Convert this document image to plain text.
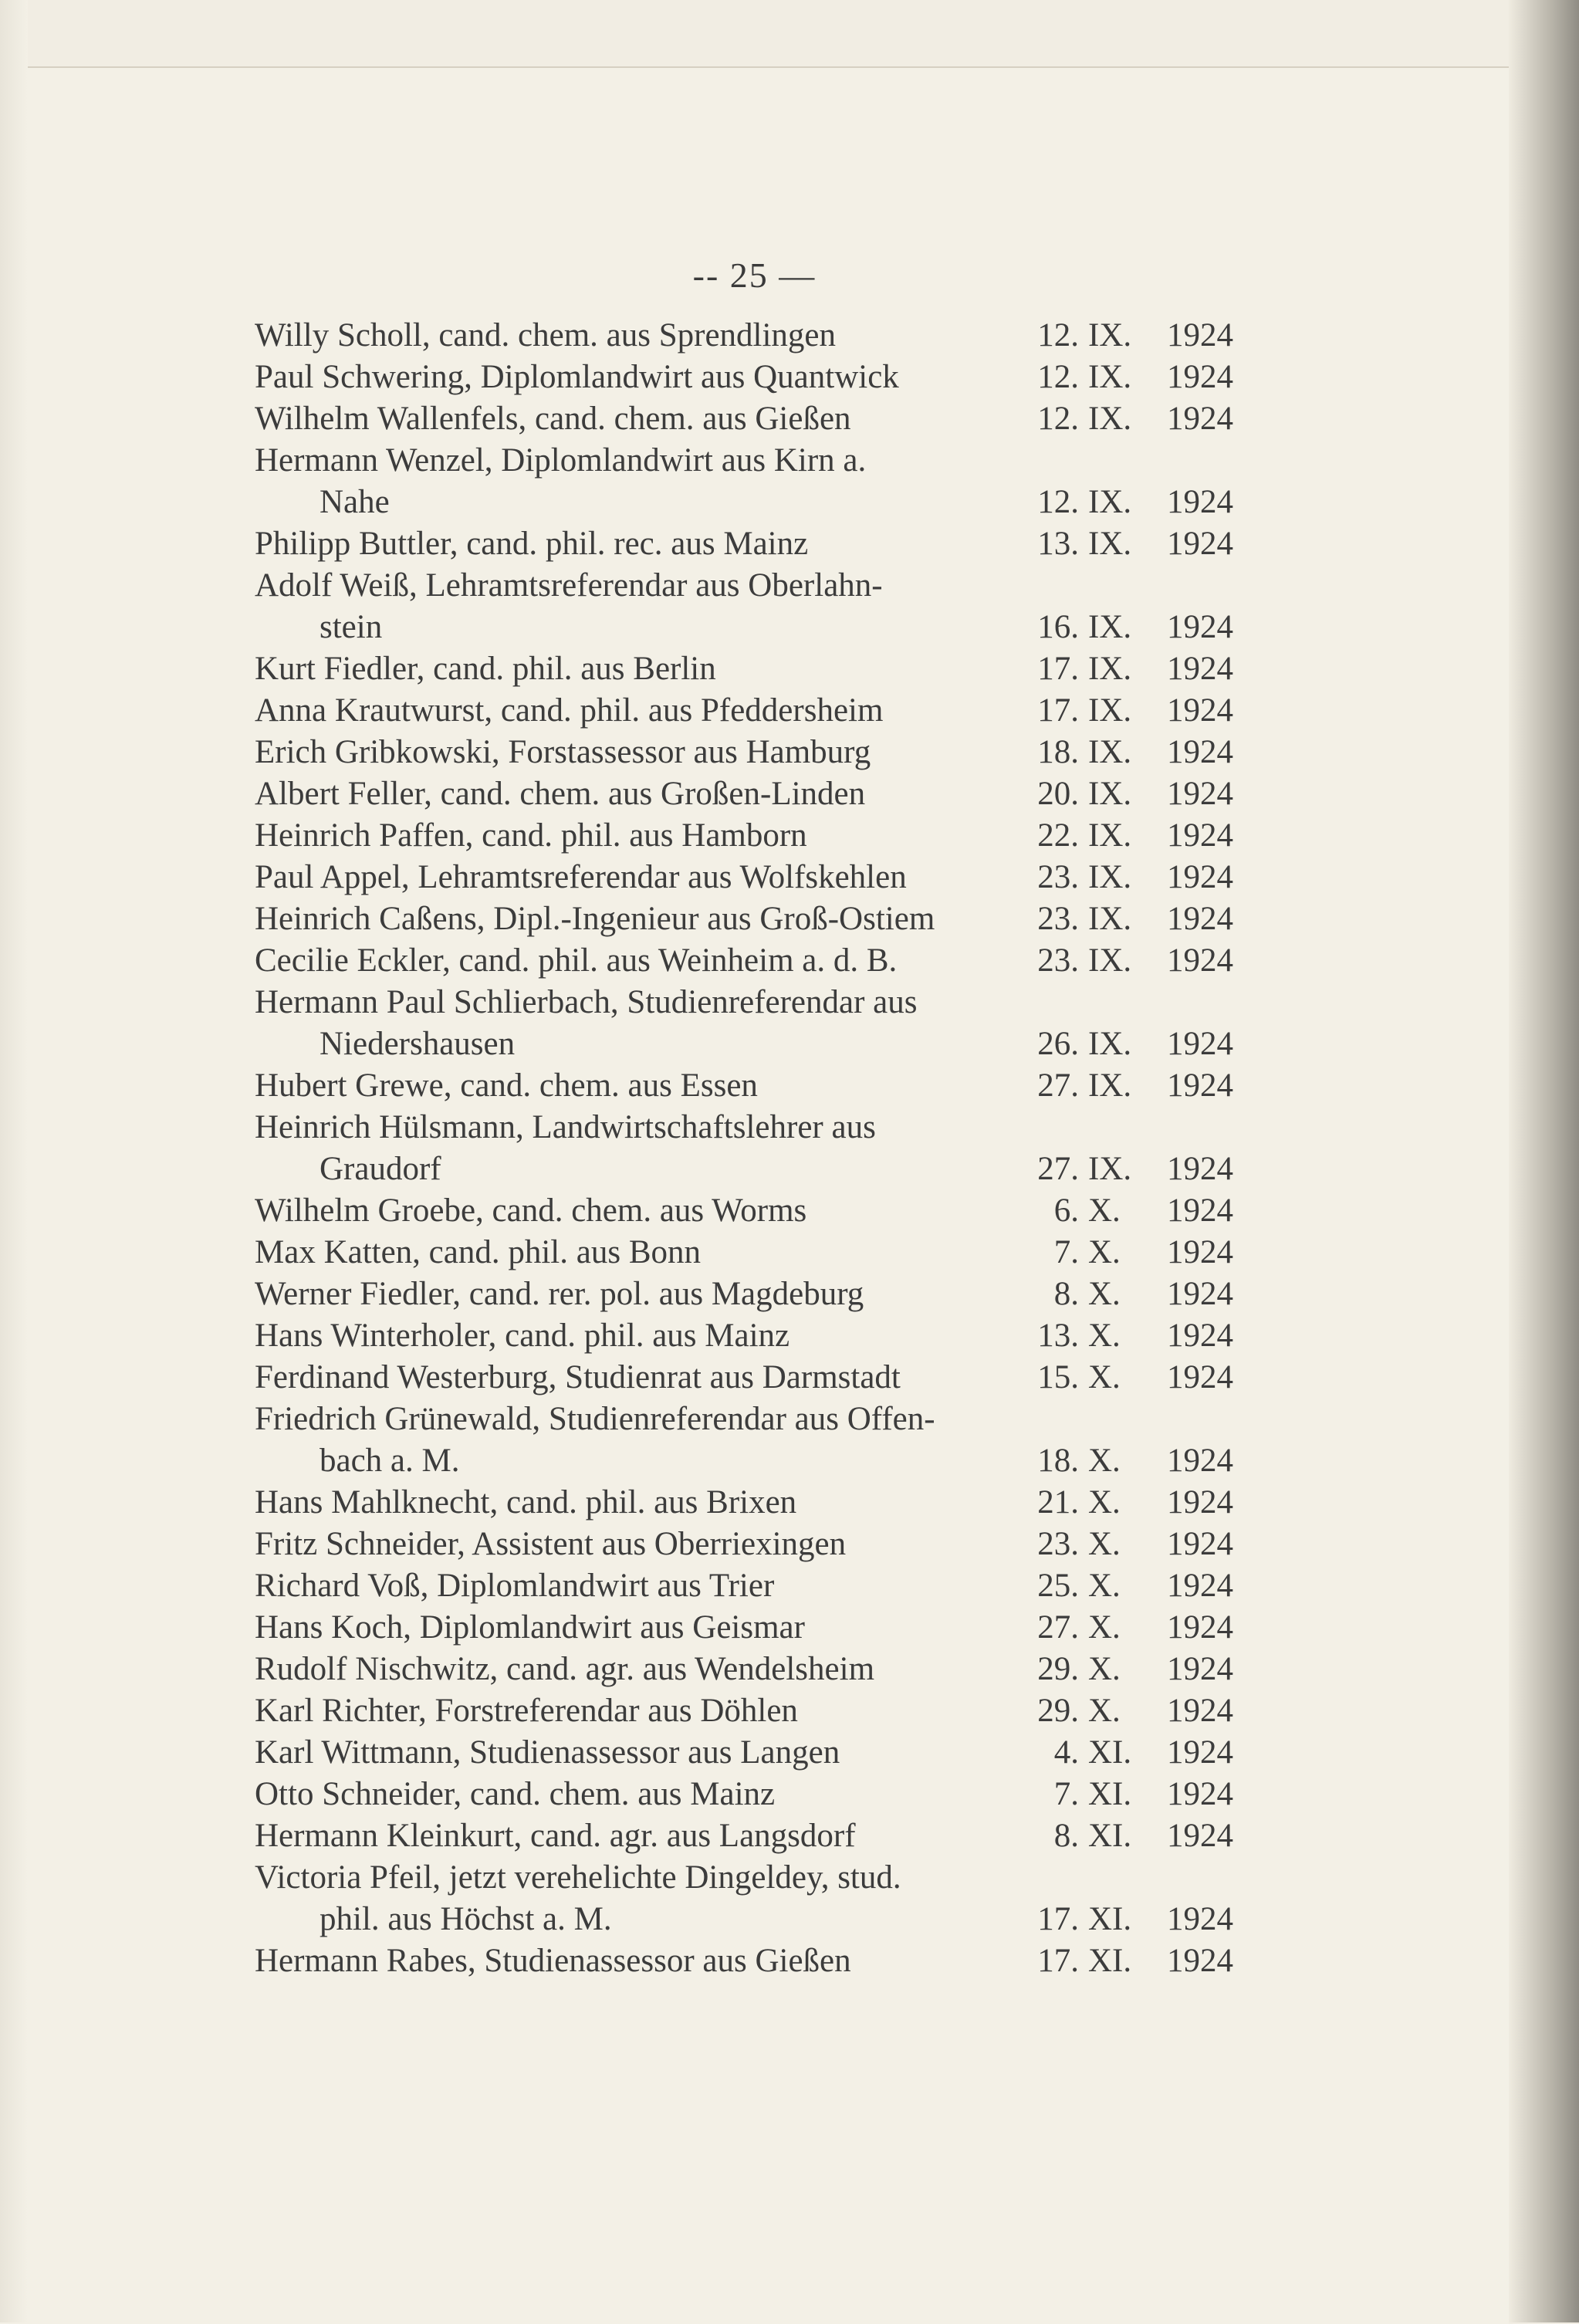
-- 25 —
Willy Scholl, cand. chem. aus Sprendlingen	12. IX. 1924
Paul Schwering, Diplomlandwirt aus Quantwick	12. IX. 1924
Wilhelm Wallenfels, cand. chem. aus Gießen	12. IX. 1924
Hermann Wenzel, Diplomlandwirt aus Kirn a.
Nahe	12. IX. 1924
Philipp Buttler, cand. phil. rec. aus Mainz	13. IX. 1924
Adolf Weiß, Lehramtsreferendar aus Oberlahn-
stein	16. IX. 1924
Kurt Fiedler, cand. phil. aus Berlin	17. IX. 1924
Anna Krautwurst, cand. phil. aus Pfeddersheim	17. IX. 1924
Erich Gribkowski, Forstassessor aus Hamburg	18. IX. 1924
Albert Feller, cand. chem. aus Großen-Linden	20. IX. 1924
Heinrich Paffen, cand. phil. aus Hamborn	22. IX. 1924
Paul Appel, Lehramtsreferendar aus Wolfskehlen	23. IX. 1924
Heinrich Caßens, Dipl.-Ingenieur aus Groß-Ostiem	23. IX. 1924
Cecilie Eckler, cand. phil. aus Weinheim a. d. B.	23. IX. 1924
Hermann Paul Schlierbach, Studienreferendar aus
Niedershausen	26. IX. 1924
Hubert Grewe, cand. chem. aus Essen	27. IX. 1924
Heinrich Hülsmann, Landwirtschaftslehrer aus
Graudorf	27. IX. 1924
Wilhelm Groebe, cand. chem. aus Worms	6. X. 1924
Max Katten, cand. phil. aus Bonn	7. X. 1924
Werner Fiedler, cand. rer. pol. aus Magdeburg	8. X. 1924
Hans Winterholer, cand. phil. aus Mainz	13. X. 1924
Ferdinand Westerburg, Studienrat aus Darmstadt	15. X. 1924
Friedrich Grünewald, Studienreferendar aus Offen-
bach a. M.	18. X. 1924
Hans Mahlknecht, cand. phil. aus Brixen	21. X. 1924
Fritz Schneider, Assistent aus Oberriexingen	23. X. 1924
Richard Voß, Diplomlandwirt aus Trier	25. X. 1924
Hans Koch, Diplomlandwirt aus Geismar	27. X. 1924
Rudolf Nischwitz, cand. agr. aus Wendelsheim	29. X. 1924
Karl Richter, Forstreferendar aus Döhlen	29. X. 1924
Karl Wittmann, Studienassessor aus Langen	4. XI. 1924
Otto Schneider, cand. chem. aus Mainz	7. XI. 1924
Hermann Kleinkurt, cand. agr. aus Langsdorf	8. XI. 1924
Victoria Pfeil, jetzt verehelichte Dingeldey, stud.
phil. aus Höchst a. M.	17. XI. 1924
Hermann Rabes, Studienassessor aus Gießen	17. XI. 1924
